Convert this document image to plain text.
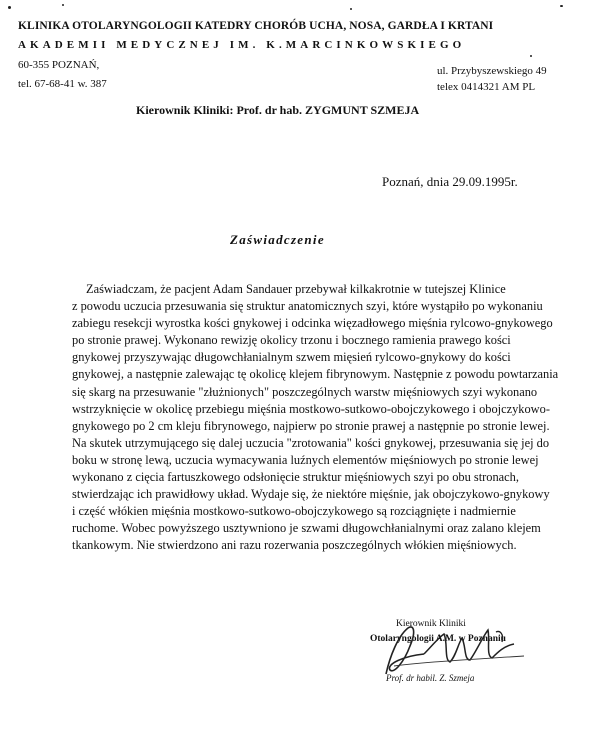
KLINIKA OTOLARYNGOLOGII KATEDRY CHORÓB UCHA, NOSA, GARDŁA I KRTANI
AKADEMII MEDYCZNEJ IM. K.MARCINKOWSKIEGO
60-355 POZNAŃ,
tel. 67-68-41 w. 387
ul. Przybyszewskiego 49
telex 0414321 AM PL
Kierownik Kliniki: Prof. dr hab. ZYGMUNT SZMEJA
Poznań, dnia 29.09.1995r.
Zaświadczenie
Zaświadczam, że pacjent Adam Sandauer przebywał kilkakrotnie w tutejszej Klinice
z powodu uczucia przesuwania się struktur anatomicznych szyi, które wystąpiło po wykonaniu
zabiegu resekcji wyrostka kości gnykowej i odcinka więzadłowego mięśnia rylcowo-gnykowego
po stronie prawej. Wykonano rewizję okolicy trzonu i bocznego ramienia prawego kości
gnykowej przyszywając długowchłanialnym szwem mięsień rylcowo-gnykowy do kości
gnykowej, a następnie zalewając tę okolicę klejem fibrynowym. Następnie z powodu powtarzania
się skarg na przesuwanie "złużnionych" poszczególnych warstw mięśniowych szyi wykonano
wstrzyknięcie w okolicę przebiegu mięśnia mostkowo-sutkowo-obojczykowego i obojczykowo-
gnykowego po 2 cm kleju fibrynowego, najpierw po stronie prawej a następnie po stronie lewej.
Na skutek utrzymującego się dalej uczucia "zrotowania" kości gnykowej, przesuwania się jej do
boku w stronę lewą, uczucia wymacywania luźnych elementów mięśniowych po stronie lewej
wykonano z cięcia fartuszkowego odsłonięcie struktur mięśniowych szyi po obu stronach,
stwierdzając ich prawidłowy układ. Wydaje się, że niektóre mięśnie, jak obojczykowo-gnykowy
i część włókien mięśnia mostkowo-sutkowo-obojczykowego są rozciągnięte i nadmiernie
ruchome. Wobec powyższego usztywniono je szwami długowchłanialnymi oraz zalano klejem
tkankowym. Nie stwierdzono ani razu rozerwania poszczególnych włókien mięśniowych.
Kierownik Kliniki
Otolaryngologii A.M. w Poznaniu
Prof. dr habil. Z. Szmeja
